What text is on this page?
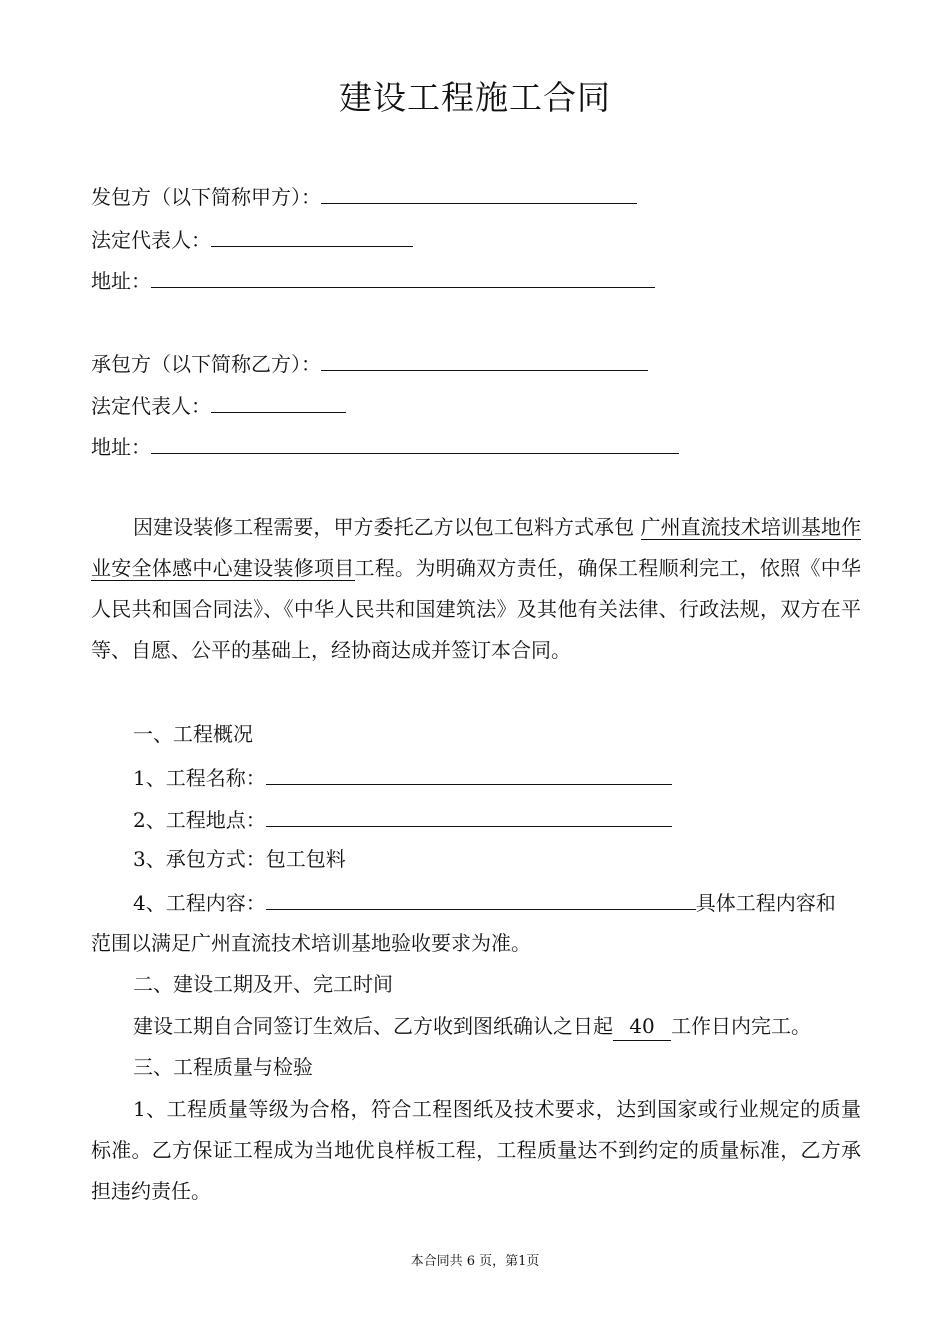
建设工程施工合同
发包方（以下简称甲方）：
法定代表人：
地址：
承包方（以下简称乙方）：
法定代表人：
地址：
因建设装修工程需要，甲方委托乙方以包工包料方式承包 广州直流技术培训基地作业安全体感中心建设装修项目工程。为明确双方责任，确保工程顺利完工，依照《中华人民共和国合同法》、《中华人民共和国建筑法》及其他有关法律、行政法规，双方在平等、自愿、公平的基础上，经协商达成并签订本合同。
一、工程概况
1、工程名称：
2、工程地点：
3、承包方式：包工包料
4、工程内容：	具体工程内容和
范围以满足广州直流技术培训基地验收要求为准。
二、建设工期及开、完工时间
建设工期自合同签订生效后、乙方收到图纸确认之日起 40 工作日内完工。
三、工程质量与检验
1、工程质量等级为合格，符合工程图纸及技术要求，达到国家或行业规定的质量标准。乙方保证工程成为当地优良样板工程，工程质量达不到约定的质量标准，乙方承担违约责任。
本合同共 6 页，第1页
